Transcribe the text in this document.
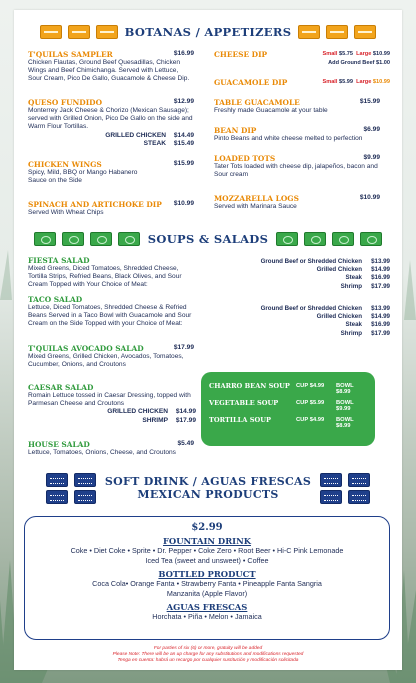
BOTANAS / APPETIZERS
T'QUILAS SAMPLER	$16.99
Chicken Flautas, Ground Beef Quesadillas, Chicken Wings and Beef Chimichanga. Served with Lettuce, Sour Cream, Pico De Gallo, Guacamole & Cheese Dip.
QUESO FUNDIDO	$12.99
Monterrey Jack Cheese & Chorizo (Mexican Sausage); served with Grilled Onion, Pico De Gallo on the side and Warm Flour Tortillas.
GRILLED CHICKEN $14.49
STEAK $15.49
CHICKEN WINGS	$15.99
Spicy, Mild, BBQ or Mango Habanero Sauce on the Side
SPINACH AND ARTICHOKE DIP	$10.99
Served With Wheat Chips
CHEESE DIP	Small $5.75 Large $10.99
Add Ground Beef $1.00
GUACAMOLE DIP	Small $5.99 Large $10.99
TABLE GUACAMOLE	$15.99
Freshly made Guacamole at your table
BEAN DIP	$6.99
Pinto Beans and white cheese melted to perfection
LOADED TOTS	$9.99
Tater Tots loaded with cheese dip, jalapeños, bacon and Sour cream
MOZZARELLA LOGS	$10.99
Served with Marinara Sauce
SOUPS & SALADS
FIESTA SALAD
Mixed Greens, Diced Tomatoes, Shredded Cheese, Tortilla Strips, Refried Beans, Black Olives, and Sour Cream Topped with Your Choice of Meat:
Ground Beef or Shredded Chicken $13.99
Grilled Chicken $14.99
Steak $16.99
Shrimp $17.99
TACO SALAD
Lettuce, Diced Tomatoes, Shredded Cheese & Refried Beans Served in a Taco Bowl with Guacamole and Sour Cream on the Side Topped with your Choice of Meat:
Ground Beef or Shredded Chicken $13.99
Grilled Chicken $14.99
Steak $16.99
Shrimp $17.99
T'QUILAS AVOCADO SALAD	$17.99
Mixed Greens, Grilled Chicken, Avocados, Tomatoes, Cucumber, Onions, and Croutons
CAESAR SALAD
Romain Lettuce tossed in Caesar Dressing, topped with Parmesan Cheese and Croutons
GRILLED CHICKEN $14.99
SHRIMP $17.99
HOUSE SALAD	$5.49
Lettuce, Tomatoes, Onions, Cheese, and Croutons
CHARRO BEAN SOUP CUP $4.99 BOWL $8.99
VEGETABLE SOUP	CUP $5.99 BOWL $9.99
TORTILLA SOUP	CUP $4.99 BOWL $8.99
SOFT DRINK / AGUAS FRESCAS
MEXICAN PRODUCTS
$2.99
FOUNTAIN DRINK
Coke • Diet Coke • Sprite • Dr. Pepper • Coke Zero • Root Beer • Hi-C Pink Lemonade
Iced Tea (sweet and unsweet) • Coffee
BOTTLED PRODUCT
Coca Cola• Orange Fanta • Strawberry Fanta • Pineapple Fanta Sangria
Manzanita (Apple Flavor)
AGUAS FRESCAS
Horchata • Piña • Melon • Jamaica
For parties of six (6) or more, gratuity will be added
Please Note: There will be an up charge for any substitutions and modifications requested
Tenga en cuenta: habrá un recargo por cualquier sustitución y modificación solicitada
